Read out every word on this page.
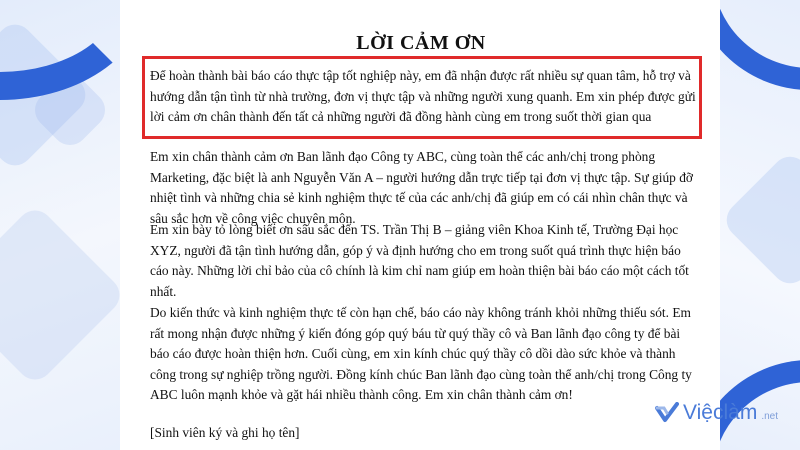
LỜI CẢM ƠN

Để hoàn thành bài báo cáo thực tập tốt nghiệp này, em đã nhận được rất nhiều sự quan tâm, hỗ trợ và hướng dẫn tận tình từ nhà trường, đơn vị thực tập và những người xung quanh. Em xin phép được gửi lời cảm ơn chân thành đến tất cả những người đã đồng hành cùng em trong suốt thời gian qua

Em xin chân thành cảm ơn Ban lãnh đạo Công ty ABC, cùng toàn thể các anh/chị trong phòng Marketing, đặc biệt là anh Nguyễn Văn A – người hướng dẫn trực tiếp tại đơn vị thực tập. Sự giúp đỡ nhiệt tình và những chia sẻ kinh nghiệm thực tế của các anh/chị đã giúp em có cái nhìn chân thực và sâu sắc hơn về công việc chuyên môn.

Em xin bày tỏ lòng biết ơn sâu sắc đến TS. Trần Thị B – giảng viên Khoa Kinh tế, Trường Đại học XYZ, người đã tận tình hướng dẫn, góp ý và định hướng cho em trong suốt quá trình thực hiện báo cáo này. Những lời chỉ bảo của cô chính là kim chỉ nam giúp em hoàn thiện bài báo cáo một cách tốt nhất.

Do kiến thức và kinh nghiệm thực tế còn hạn chế, báo cáo này không tránh khỏi những thiếu sót. Em rất mong nhận được những ý kiến đóng góp quý báu từ quý thầy cô và Ban lãnh đạo công ty để bài báo cáo được hoàn thiện hơn. Cuối cùng, em xin kính chúc quý thầy cô dồi dào sức khỏe và thành công trong sự nghiệp trồng người. Đồng kính chúc Ban lãnh đạo cùng toàn thể anh/chị trong Công ty ABC luôn mạnh khỏe và gặt hái nhiều thành công. Em xin chân thành cảm ơn!

[Sinh viên ký và ghi họ tên]

Việclàm .net
